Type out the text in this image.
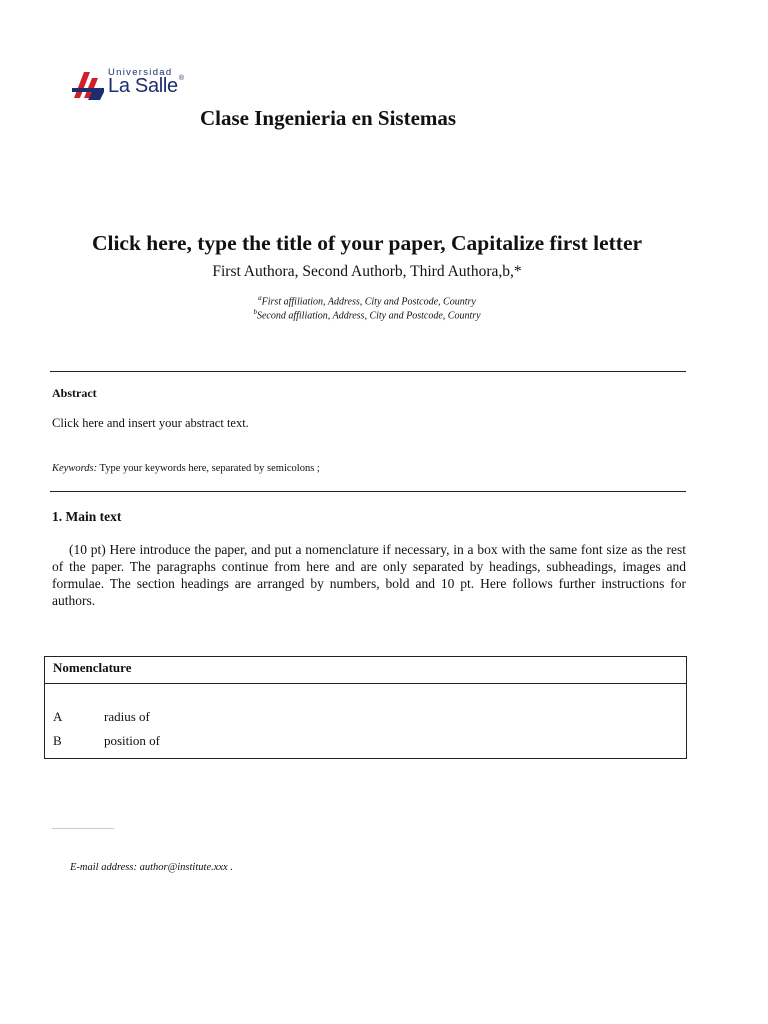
Universidad
La Salle®
Clase Ingenieria en Sistemas
Click here, type the title of your paper, Capitalize first letter
First Authora, Second Authorb, Third Authora,b,*
$^a$First affiliation, Address, City and Postcode, Country
$^b$Second affiliation, Address, City and Postcode, Country
Abstract
Click here and insert your abstract text.
Keywords: Type your keywords here, separated by semicolons ;
1. Main text
(10 pt) Here introduce the paper, and put a nomenclature if necessary, in a box with the same font size as the rest of the paper. The paragraphs continue from here and are only separated by headings, subheadings, images and formulae. The section headings are arranged by numbers, bold and 10 pt. Here follows further instructions for authors.
Nomenclature
A	radius of
B	position of
E-mail address: author@institute.xxx .
